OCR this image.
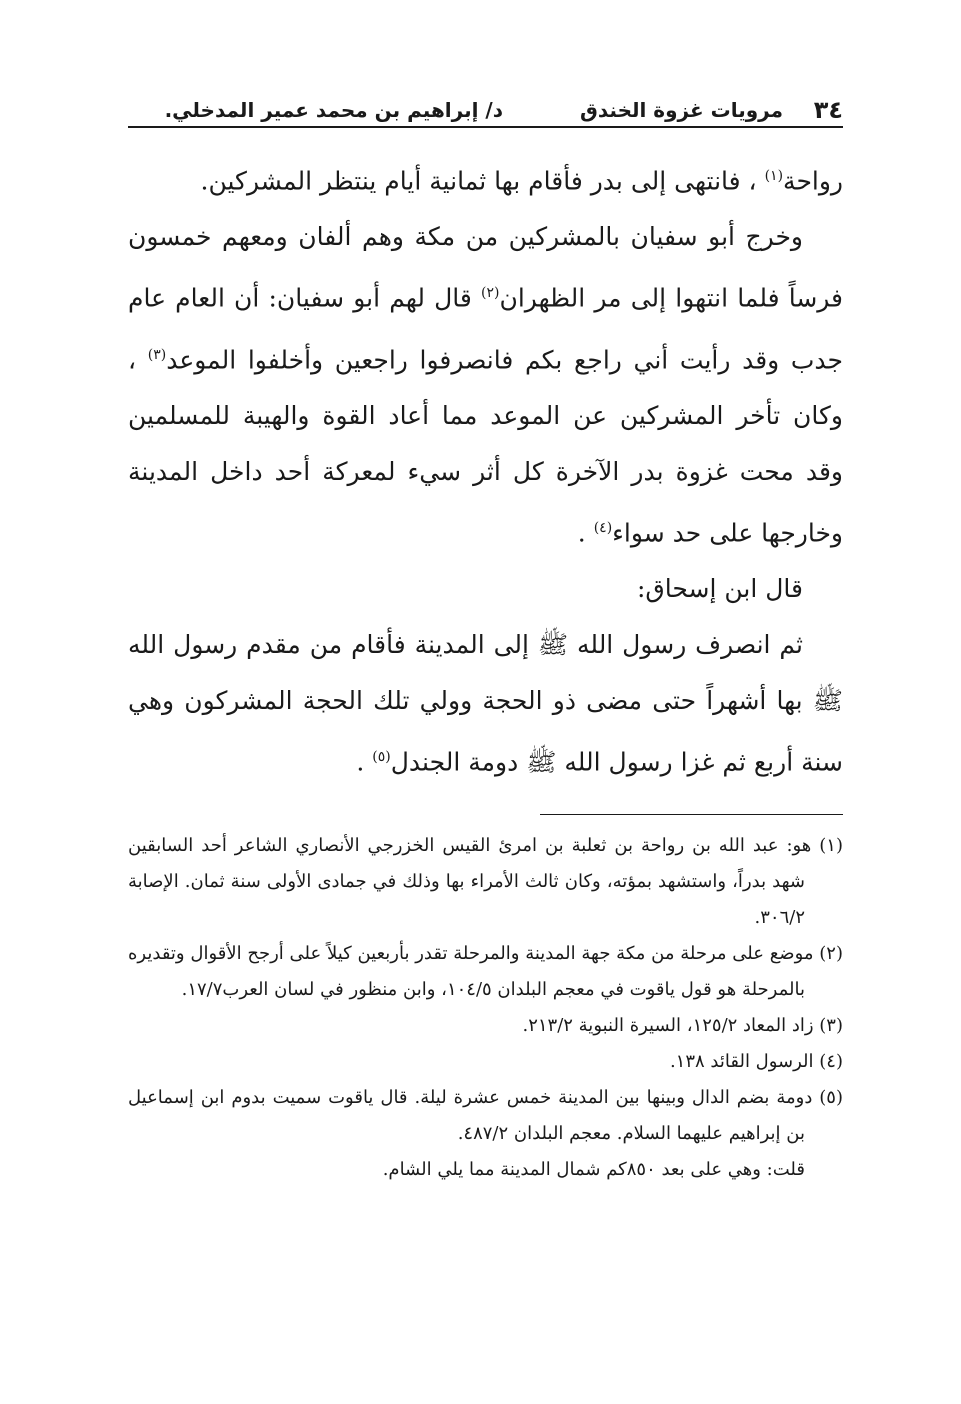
٣٤
مرويات غزوة الخندق
د/ إبراهيم بن محمد عمير المدخلي.

رواحة$^{(١)}$ ، فانتهى إلى بدر فأقام بها ثمانية أيام ينتظر المشركين.

وخرج أبو سفيان بالمشركين من مكة وهم ألفان ومعهم خمسون فرساً فلما انتهوا إلى مر الظهران$^{(٢)}$ قال لهم أبو سفيان: أن العام عام جدب وقد رأيت أني راجع بكم فانصرفوا راجعين وأخلفوا الموعد$^{(٣)}$ ، وكان تأخر المشركين عن الموعد مما أعاد القوة والهيبة للمسلمين وقد محت غزوة بدر الآخرة كل أثر سيء لمعركة أحد داخل المدينة وخارجها على حد سواء$^{(٤)}$ .

قال ابن إسحاق:

ثم انصرف رسول الله ﷺ إلى المدينة فأقام من مقدم رسول الله ﷺ بها أشهراً حتى مضى ذو الحجة وولي تلك الحجة المشركون وهي سنة أربع ثم غزا رسول الله ﷺ دومة الجندل$^{(٥)}$ .

(١) هو: عبد الله بن رواحة بن ثعلبة بن امرئ القيس الخزرجي الأنصاري الشاعر أحد السابقين شهد بدراً، واستشهد بمؤته، وكان ثالث الأمراء بها وذلك في جمادى الأولى سنة ثمان. الإصابة ٣٠٦/٢.

(٢) موضع على مرحلة من مكة جهة المدينة والمرحلة تقدر بأربعين كيلاً على أرجح الأقوال وتقديره بالمرحلة هو قول ياقوت في معجم البلدان ١٠٤/٥، وابن منظور في لسان العرب١٧/٧.

(٣) زاد المعاد ١٢٥/٢، السيرة النبوية ٢١٣/٢.

(٤) الرسول القائد ١٣٨.

(٥) دومة بضم الدال وبينها بين المدينة خمس عشرة ليلة. قال ياقوت سميت بدوم ابن إسماعيل بن إبراهيم عليهما السلام. معجم البلدان ٤٨٧/٢.

قلت: وهي على بعد ٨٥٠كم شمال المدينة مما يلي الشام.
